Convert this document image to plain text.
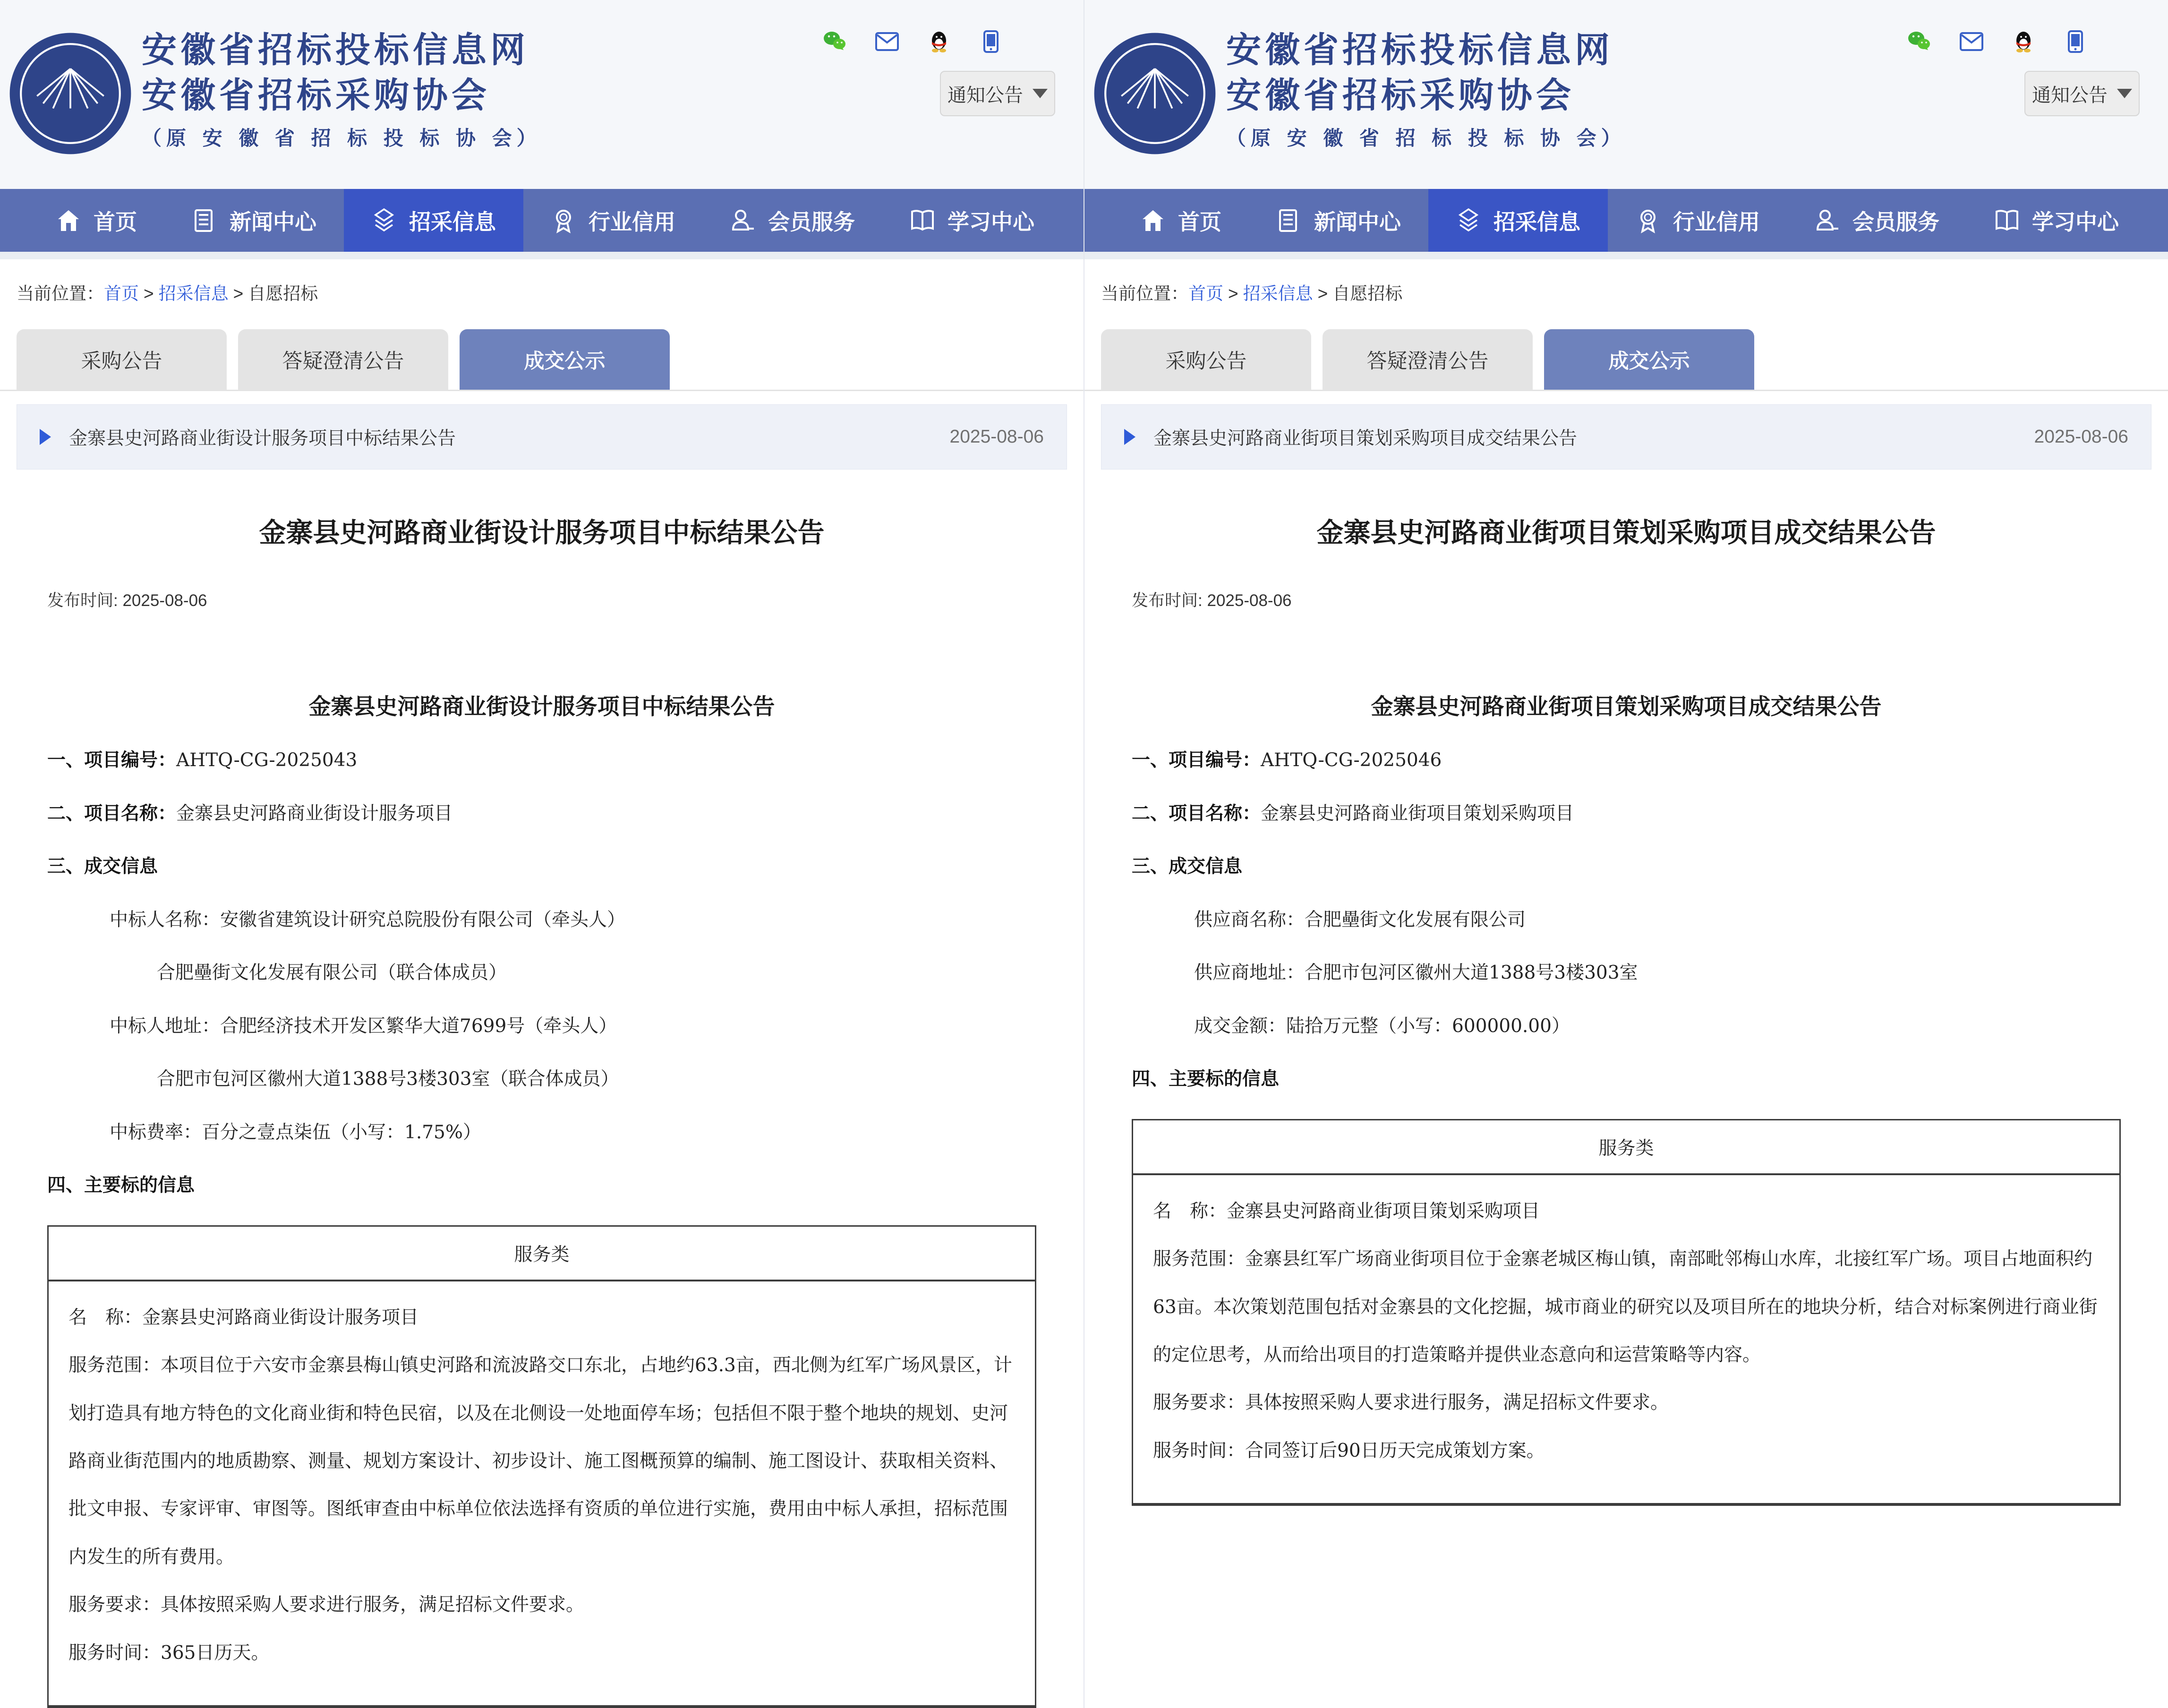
安徽省招标投标信息网
安徽省招标采购协会
（原 安 徽 省 招 标 投 标 协 会）
通知公告
首页	新闻中心	招采信息	行业信用	会员服务	学习中心
当前位置：首页 > 招采信息 > 自愿招标
采购公告	答疑澄清公告	成交公示
金寨县史河路商业街设计服务项目中标结果公告	2025-08-06
金寨县史河路商业街设计服务项目中标结果公告
发布时间: 2025-08-06
金寨县史河路商业街设计服务项目中标结果公告
一、项目编号：AHTQ-CG-2025043
二、项目名称：金寨县史河路商业街设计服务项目
三、成交信息
中标人名称：安徽省建筑设计研究总院股份有限公司（牵头人）
合肥壘街文化发展有限公司（联合体成员）
中标人地址：合肥经济技术开发区繁华大道7699号（牵头人）
合肥市包河区徽州大道1388号3楼303室（联合体成员）
中标费率：百分之壹点柒伍（小写：1.75%）
四、主要标的信息
服务类
名　称：金寨县史河路商业街设计服务项目
服务范围：本项目位于六安市金寨县梅山镇史河路和流波路交口东北，占地约63.3亩，西北侧为红军广场风景区，计划打造具有地方特色的文化商业街和特色民宿，以及在北侧设一处地面停车场；包括但不限于整个地块的规划、史河路商业街范围内的地质勘察、测量、规划方案设计、初步设计、施工图概预算的编制、施工图设计、获取相关资料、批文申报、专家评审、审图等。图纸审查由中标单位依法选择有资质的单位进行实施，费用由中标人承担，招标范围内发生的所有费用。
服务要求：具体按照采购人要求进行服务，满足招标文件要求。
服务时间：365日历天。
安徽省招标投标信息网
安徽省招标采购协会
（原 安 徽 省 招 标 投 标 协 会）
通知公告
首页	新闻中心	招采信息	行业信用	会员服务	学习中心
当前位置：首页 > 招采信息 > 自愿招标
采购公告	答疑澄清公告	成交公示
金寨县史河路商业街项目策划采购项目成交结果公告	2025-08-06
金寨县史河路商业街项目策划采购项目成交结果公告
发布时间: 2025-08-06
金寨县史河路商业街项目策划采购项目成交结果公告
一、项目编号：AHTQ-CG-2025046
二、项目名称：金寨县史河路商业街项目策划采购项目
三、成交信息
供应商名称：合肥壘街文化发展有限公司
供应商地址：合肥市包河区徽州大道1388号3楼303室
成交金额：陆拾万元整（小写：600000.00）
四、主要标的信息
服务类
名　称：金寨县史河路商业街项目策划采购项目
服务范围：金寨县红军广场商业街项目位于金寨老城区梅山镇，南部毗邻梅山水库，北接红军广场。项目占地面积约63亩。本次策划范围包括对金寨县的文化挖掘，城市商业的研究以及项目所在的地块分析，结合对标案例进行商业街的定位思考，从而给出项目的打造策略并提供业态意向和运营策略等内容。
服务要求：具体按照采购人要求进行服务，满足招标文件要求。
服务时间：合同签订后90日历天完成策划方案。
